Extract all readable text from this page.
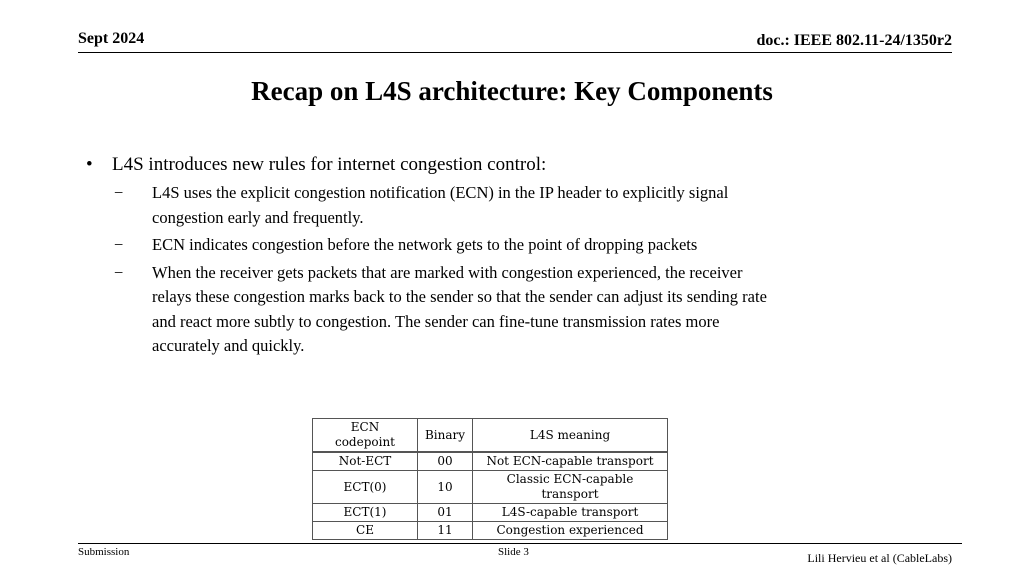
Sept 2024	doc.: IEEE 802.11-24/1350r2
Recap on L4S architecture: Key Components
•	L4S introduces new rules for internet congestion control:
−	L4S uses the explicit congestion notification (ECN) in the IP header to explicitly signal congestion early and frequently.
−	ECN indicates congestion before the network gets to the point of dropping packets
−	When the receiver gets packets that are marked with congestion experienced, the receiver relays these congestion marks back to the sender so that the sender can adjust its sending rate and react more subtly to congestion. The sender can fine-tune transmission rates more accurately and quickly.
ECN codepoint	Binary	L4S meaning
Not-ECT	00	Not ECN-capable transport
ECT(0)	10	Classic ECN-capable transport
ECT(1)	01	L4S-capable transport
CE	11	Congestion experienced
Submission	Slide 3	Lili Hervieu et al (CableLabs)
